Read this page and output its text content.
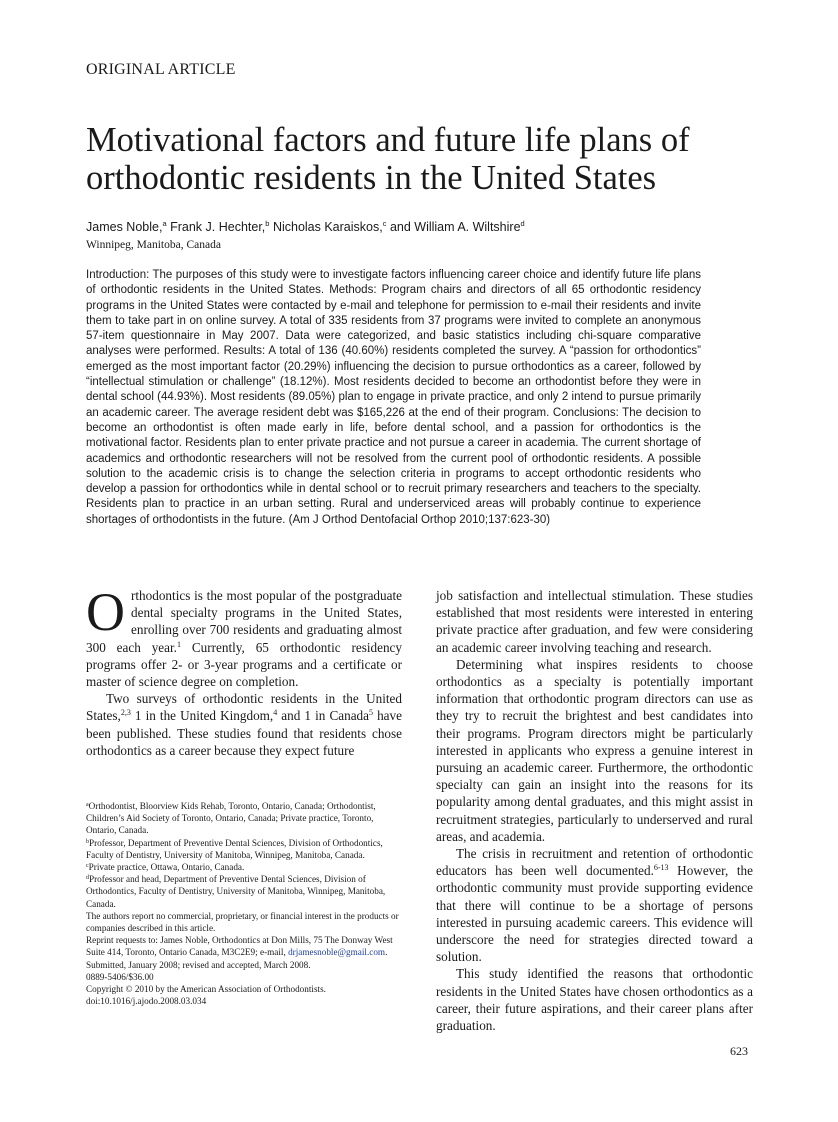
ORIGINAL ARTICLE
Motivational factors and future life plans of orthodontic residents in the United States
James Noble,$^a$ Frank J. Hechter,$^b$ Nicholas Karaiskos,$^c$ and William A. Wiltshire$^d$
Winnipeg, Manitoba, Canada

Introduction: The purposes of this study were to investigate factors influencing career choice and identify future life plans of orthodontic residents in the United States. Methods: Program chairs and directors of all 65 orthodontic residency programs in the United States were contacted by e-mail and telephone for permission to e-mail their residents and invite them to take part in on online survey. A total of 335 residents from 37 programs were invited to complete an anonymous 57-item questionnaire in May 2007. Data were categorized, and basic statistics including chi-square comparative analyses were performed. Results: A total of 136 (40.60%) residents completed the survey. A “passion for orthodontics” emerged as the most important factor (20.29%) influencing the decision to pursue orthodontics as a career, followed by “intellectual stimulation or challenge” (18.12%). Most residents decided to become an orthodontist before they were in dental school (44.93%). Most residents (89.05%) plan to engage in private practice, and only 2 intend to pursue primarily an academic career. The average resident debt was $165,226 at the end of their program. Conclusions: The decision to become an orthodontist is often made early in life, before dental school, and a passion for orthodontics is the motivational factor. Residents plan to enter private practice and not pursue a career in academia. The current shortage of academics and orthodontic researchers will not be resolved from the current pool of orthodontic residents. A possible solution to the academic crisis is to change the selection criteria in programs to accept orthodontic residents who develop a passion for orthodontics while in dental school or to recruit primary researchers and teachers to the specialty. Residents plan to practice in an urban setting. Rural and underserviced areas will probably continue to experience shortages of orthodontists in the future. (Am J Orthod Dentofacial Orthop 2010;137:623-30)

Orthodontics is the most popular of the postgraduate dental specialty programs in the United States, enrolling over 700 residents and graduating almost 300 each year.$^1$ Currently, 65 orthodontic residency programs offer 2- or 3-year programs and a certificate or master of science degree on completion.

Two surveys of orthodontic residents in the United States,$^{2,3}$ 1 in the United Kingdom,$^4$ and 1 in Canada$^5$ have been published. These studies found that residents chose orthodontics as a career because they expect future

job satisfaction and intellectual stimulation. These studies established that most residents were interested in entering private practice after graduation, and few were considering an academic career involving teaching and research.

Determining what inspires residents to choose orthodontics as a specialty is potentially important information that orthodontic program directors can use as they try to recruit the brightest and best candidates into their programs. Program directors might be particularly interested in applicants who express a genuine interest in pursuing an academic career. Furthermore, the orthodontic specialty can gain an insight into the reasons for its popularity among dental graduates, and this might assist in recruitment strategies, particularly to underserved and rural areas, and academia.

The crisis in recruitment and retention of orthodontic educators has been well documented.$^{6-13}$ However, the orthodontic community must provide supporting evidence that there will continue to be a shortage of persons interested in pursuing academic careers. This evidence will underscore the need for strategies directed toward a solution.

This study identified the reasons that orthodontic residents in the United States have chosen orthodontics as a career, their future aspirations, and their career plans after graduation.

$^a$Orthodontist, Bloorview Kids Rehab, Toronto, Ontario, Canada; Orthodontist, Children’s Aid Society of Toronto, Ontario, Canada; Private practice, Toronto, Ontario, Canada.
$^b$Professor, Department of Preventive Dental Sciences, Division of Orthodontics, Faculty of Dentistry, University of Manitoba, Winnipeg, Manitoba, Canada.
$^c$Private practice, Ottawa, Ontario, Canada.
$^d$Professor and head, Department of Preventive Dental Sciences, Division of Orthodontics, Faculty of Dentistry, University of Manitoba, Winnipeg, Manitoba, Canada.
The authors report no commercial, proprietary, or financial interest in the products or companies described in this article.
Reprint requests to: James Noble, Orthodontics at Don Mills, 75 The Donway West Suite 414, Toronto, Ontario Canada, M3C2E9; e-mail, drjamesnoble@gmail.com.
Submitted, January 2008; revised and accepted, March 2008.
0889-5406/$36.00
Copyright © 2010 by the American Association of Orthodontists.
doi:10.1016/j.ajodo.2008.03.034
623
